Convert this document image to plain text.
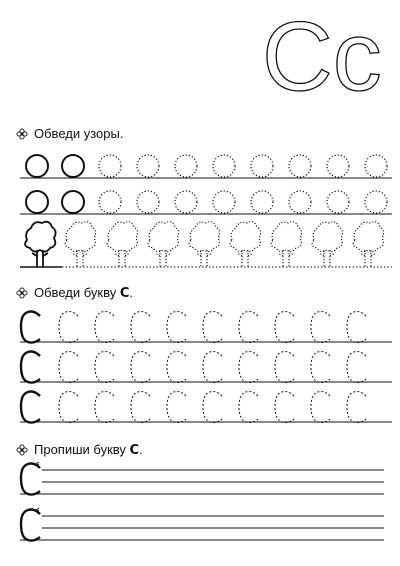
Cc
Обведи узоры.
Обведи букву С.
Пропиши букву С.
